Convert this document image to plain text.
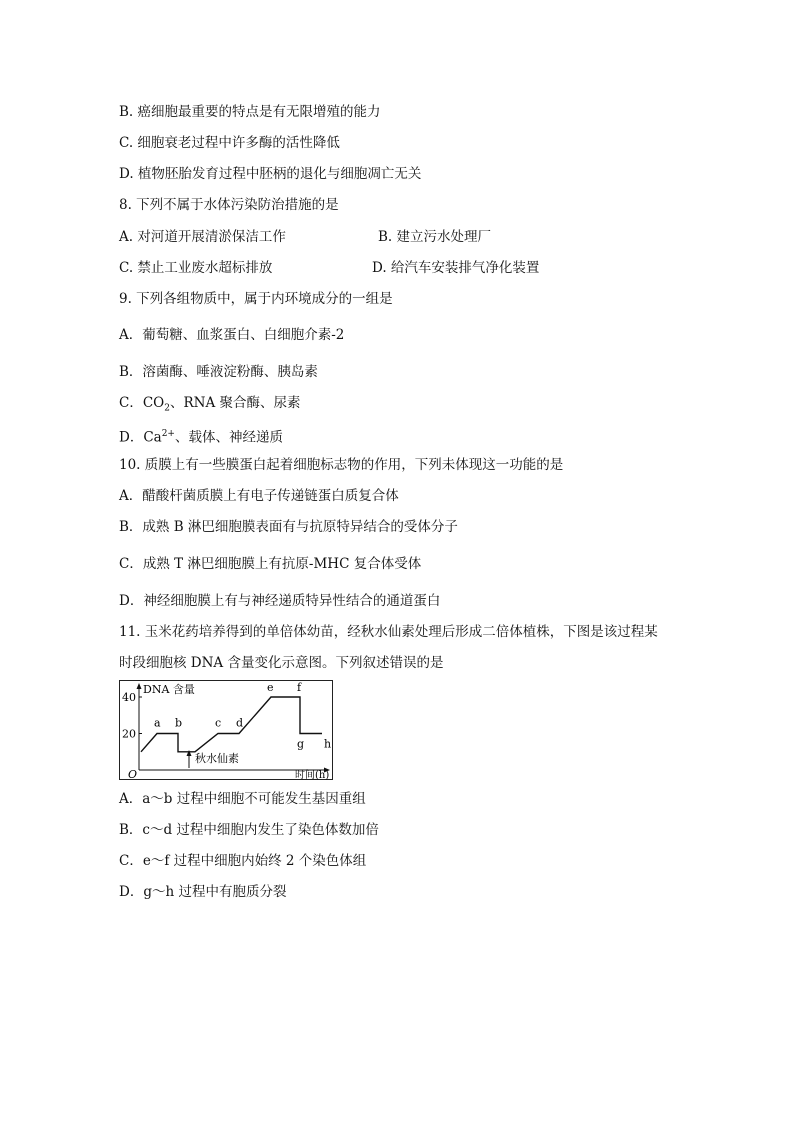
B. 癌细胞最重要的特点是有无限增殖的能力
C. 细胞衰老过程中许多酶的活性降低
D. 植物胚胎发育过程中胚柄的退化与细胞凋亡无关
8. 下列不属于水体污染防治措施的是
A. 对河道开展清淤保洁工作	B. 建立污水处理厂
C. 禁止工业废水超标排放	D. 给汽车安装排气净化装置
9. 下列各组物质中，属于内环境成分的一组是
A．葡萄糖、血浆蛋白、白细胞介素-2
B．溶菌酶、唾液淀粉酶、胰岛素
C．$CO_2$、RNA 聚合酶、尿素
D．$Ca^{2+}$、载体、神经递质
10. 质膜上有一些膜蛋白起着细胞标志物的作用，下列未体现这一功能的是
A．醋酸杆菌质膜上有电子传递链蛋白质复合体
B．成熟 B 淋巴细胞膜表面有与抗原特异结合的受体分子
C．成熟 T 淋巴细胞膜上有抗原-MHC 复合体受体
D．神经细胞膜上有与神经递质特异性结合的通道蛋白
11. 玉米花药培养得到的单倍体幼苗，经秋水仙素处理后形成二倍体植株，下图是该过程某
时段细胞核 DNA 含量变化示意图。下列叙述错误的是
DNA 含量
时间(h)
O
20
40
a b	c d
e f
g h
秋水仙素
A．a～b 过程中细胞不可能发生基因重组
B．c～d 过程中细胞内发生了染色体数加倍
C．e～f 过程中细胞内始终 2 个染色体组
D．g～h 过程中有胞质分裂
